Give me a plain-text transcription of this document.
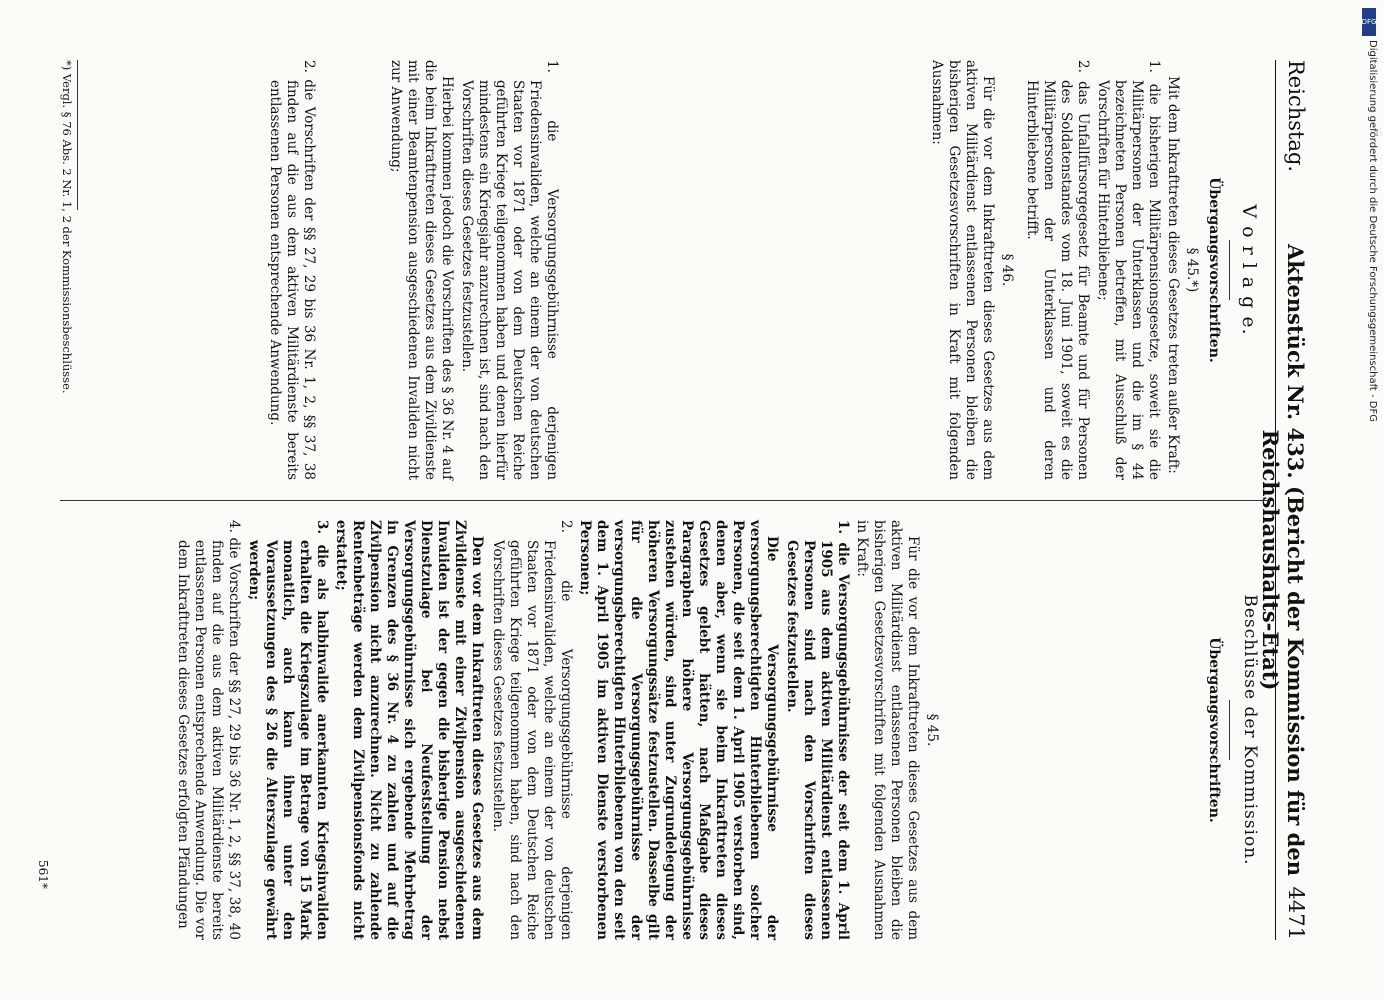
Reichstag.
Aktenstück Nr. 433. (Bericht der Kommission für den Reichshaushalts-Etat)
4471
V o r l a g e.
Übergangsvorschriften.

§ 45.*)

Mit dem Inkrafttreten dieses Gesetzes treten außer Kraft:

1. die bisherigen Militärpensionsgesetze, soweit sie die Militärpersonen der Unterklassen und die im § 44 bezeichneten Personen betreffen, mit Ausschluß der Vorschriften für Hinterbliebene;
2. das Unfallfürsorgegesetz für Beamte und für Personen des Soldatenstandes vom 18. Juni 1901, soweit es die Militärpersonen der Unterklassen und deren Hinterbliebene betrifft.

§ 46.

Für die vor dem Inkrafttreten dieses Gesetzes aus dem aktiven Militärdienst entlassenen Personen bleiben die bisherigen Gesetzesvorschriften in Kraft mit folgenden Ausnahmen:

1. die Versorgungsgebührnisse derjenigen Friedensinvaliden, welche an einem der von deutschen Staaten vor 1871 oder von dem Deutschen Reiche geführten Kriege teilgenommen haben und denen hierfür mindestens ein Kriegsjahr anzurechnen ist, sind nach den Vorschriften dieses Gesetzes festzustellen.

Hierbei kommen jedoch die Vorschriften des § 36 Nr. 4 auf die beim Inkrafttreten dieses Gesetzes aus dem Zivildienste mit einer Beamtenpension ausgeschiedenen Invaliden nicht zur Anwendung;

2. die Vorschriften der §§ 27, 29 bis 36 Nr. 1, 2, §§ 37, 38 finden auf die aus dem aktiven Militärdienste bereits entlassenen Personen entsprechende Anwendung.
*) Vergl. § 76 Abs. 2 Nr. 1, 2 der Kommissionsbeschlüsse.
Beschlüsse der Kommission.
Übergangsvorschriften.

§ 45.

Für die vor dem Inkrafttreten dieses Gesetzes aus dem aktiven Militärdienst entlassenen Personen bleiben die bisherigen Gesetzesvorschriften mit folgenden Ausnahmen in Kraft:

1. die Versorgungsgebührnisse der seit dem 1. April 1905 aus dem aktiven Militärdienst entlassenen Personen sind nach den Vorschriften dieses Gesetzes festzustellen.

Die Versorgungsgebührnisse der versorgungsberechtigten Hinterbliebenen solcher Personen, die seit dem 1. April 1905 verstorben sind, denen aber, wenn sie beim Inkrafttreten dieses Gesetzes gelebt hätten, nach Maßgabe dieses Paragraphen höhere Versorgungsgebührnisse zustehen würden, sind unter Zugrundelegung der höheren Versorgungssätze festzustellen. Dasselbe gilt für die Versorgungsgebührnisse der versorgungsberechtigten Hinterbliebenen von den seit dem 1. April 1905 im aktiven Dienste verstorbenen Personen;

2. die Versorgungsgebührnisse derjenigen Friedensinvaliden, welche an einem der von deutschen Staaten vor 1871 oder von dem Deutschen Reiche geführten Kriege teilgenommen haben, sind nach den Vorschriften dieses Gesetzes festzustellen.

Den vor dem Inkrafttreten dieses Gesetzes aus dem Zivildienste mit einer Zivilpension ausgeschiedenen Invaliden ist der gegen die bisherige Pension nebst Dienstzulage bei Neufeststellung der Versorgungsgebührnisse sich ergebende Mehrbetrag in Grenzen des § 36 Nr. 4 zu zahlen und auf die Zivilpension nicht anzurechnen. Nicht zu zahlende Rentenbeträge werden dem Zivilpensionsfonds nicht erstattet;

3. die als halbinvalide anerkannten Kriegsinvaliden erhalten die Kriegszulage im Betrage von 15 Mark monatlich, auch kann ihnen unter den Voraussetzungen des § 26 die Alterszulage gewährt werden;
4. die Vorschriften der §§ 27, 29 bis 36 Nr. 1, 2, §§ 37, 38, 40 finden auf die aus dem aktiven Militärdienste bereits entlassenen Personen entsprechende Anwendung. Die vor dem Inkrafttreten dieses Gesetzes erfolgten Pfändungen
561*
DFG
Digitalisierung gefördert durch die Deutsche Forschungsgemeinschaft - DFG
